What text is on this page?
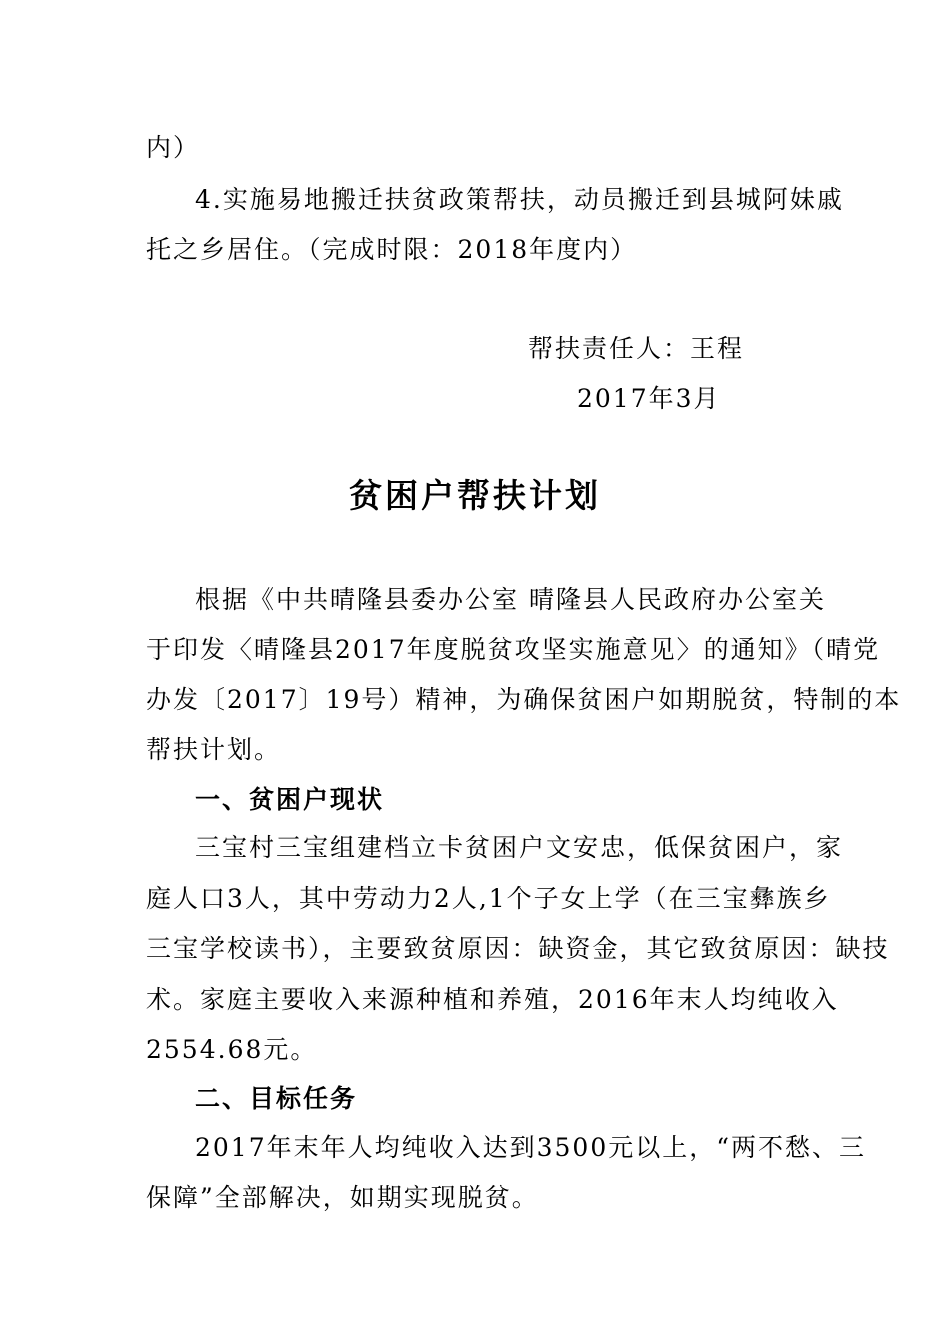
内）
4.实施易地搬迁扶贫政策帮扶，动员搬迁到县城阿妹戚
托之乡居住。（完成时限：2018年度内）
帮扶责任人：王程
2017年3月
贫困户帮扶计划
根据《中共晴隆县委办公室 晴隆县人民政府办公室关
于印发〈晴隆县2017年度脱贫攻坚实施意见〉的通知》（晴党
办发〔2017〕19号）精神，为确保贫困户如期脱贫，特制的本
帮扶计划。
一、贫困户现状
三宝村三宝组建档立卡贫困户文安忠，低保贫困户，家
庭人口3人，其中劳动力2人,1个子女上学（在三宝彝族乡
三宝学校读书），主要致贫原因：缺资金，其它致贫原因：缺技
术。家庭主要收入来源种植和养殖，2016年末人均纯收入
2554.68元。
二、目标任务
2017年末年人均纯收入达到3500元以上，“两不愁、三
保障”全部解决，如期实现脱贫。
